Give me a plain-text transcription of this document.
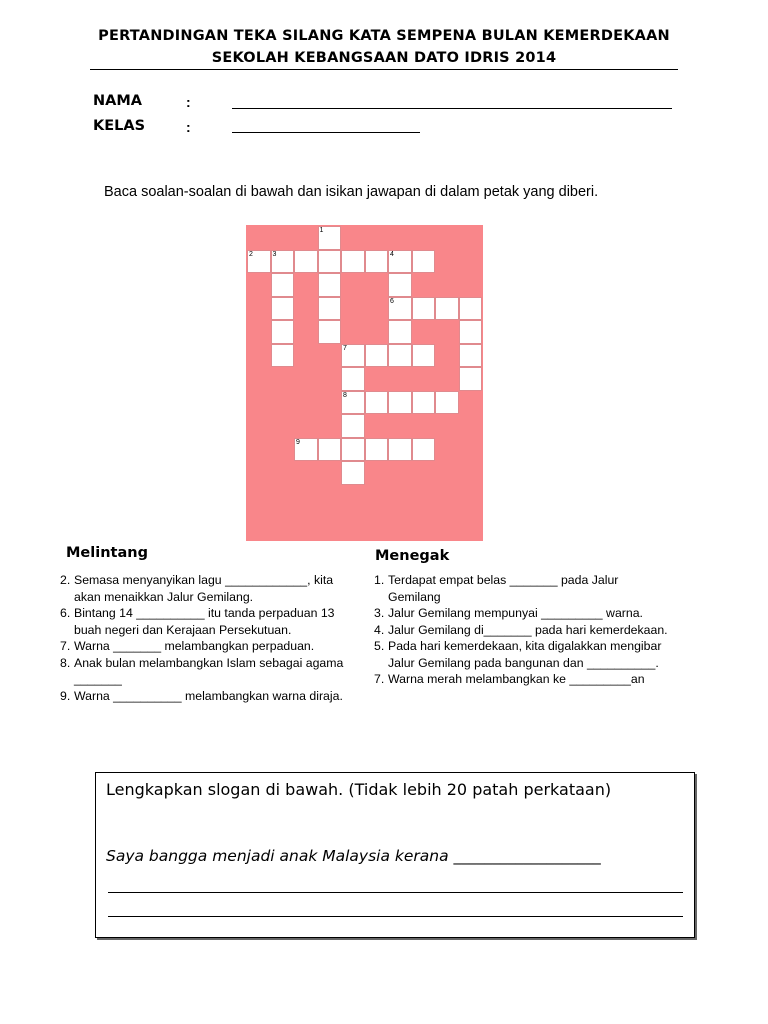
PERTANDINGAN TEKA SILANG KATA SEMPENA BULAN KEMERDEKAAN
SEKOLAH KEBANGSAAN DATO IDRIS 2014
NAMA	:
KELAS	:
Baca soalan-soalan di bawah dan isikan jawapan di dalam petak yang diberi.
1
2	3	4
6
7
8
9
Melintang
2. Semasa menyanyikan lagu ____________, kita akan menaikkan Jalur Gemilang.
6. Bintang 14 __________ itu tanda perpaduan 13 buah negeri dan Kerajaan Persekutuan.
7. Warna _______ melambangkan perpaduan.
8. Anak bulan melambangkan Islam sebagai agama _______
9. Warna __________ melambangkan warna diraja.
Menegak
1. Terdapat empat belas _______ pada Jalur Gemilang
3. Jalur Gemilang mempunyai _________ warna.
4. Jalur Gemilang di_______ pada hari kemerdekaan.
5. Pada hari kemerdekaan, kita digalakkan mengibar Jalur Gemilang pada bangunan dan __________.
7. Warna merah melambangkan ke _________an
Lengkapkan slogan di bawah. (Tidak lebih 20 patah perkataan)
Saya bangga menjadi anak Malaysia kerana ___________________
